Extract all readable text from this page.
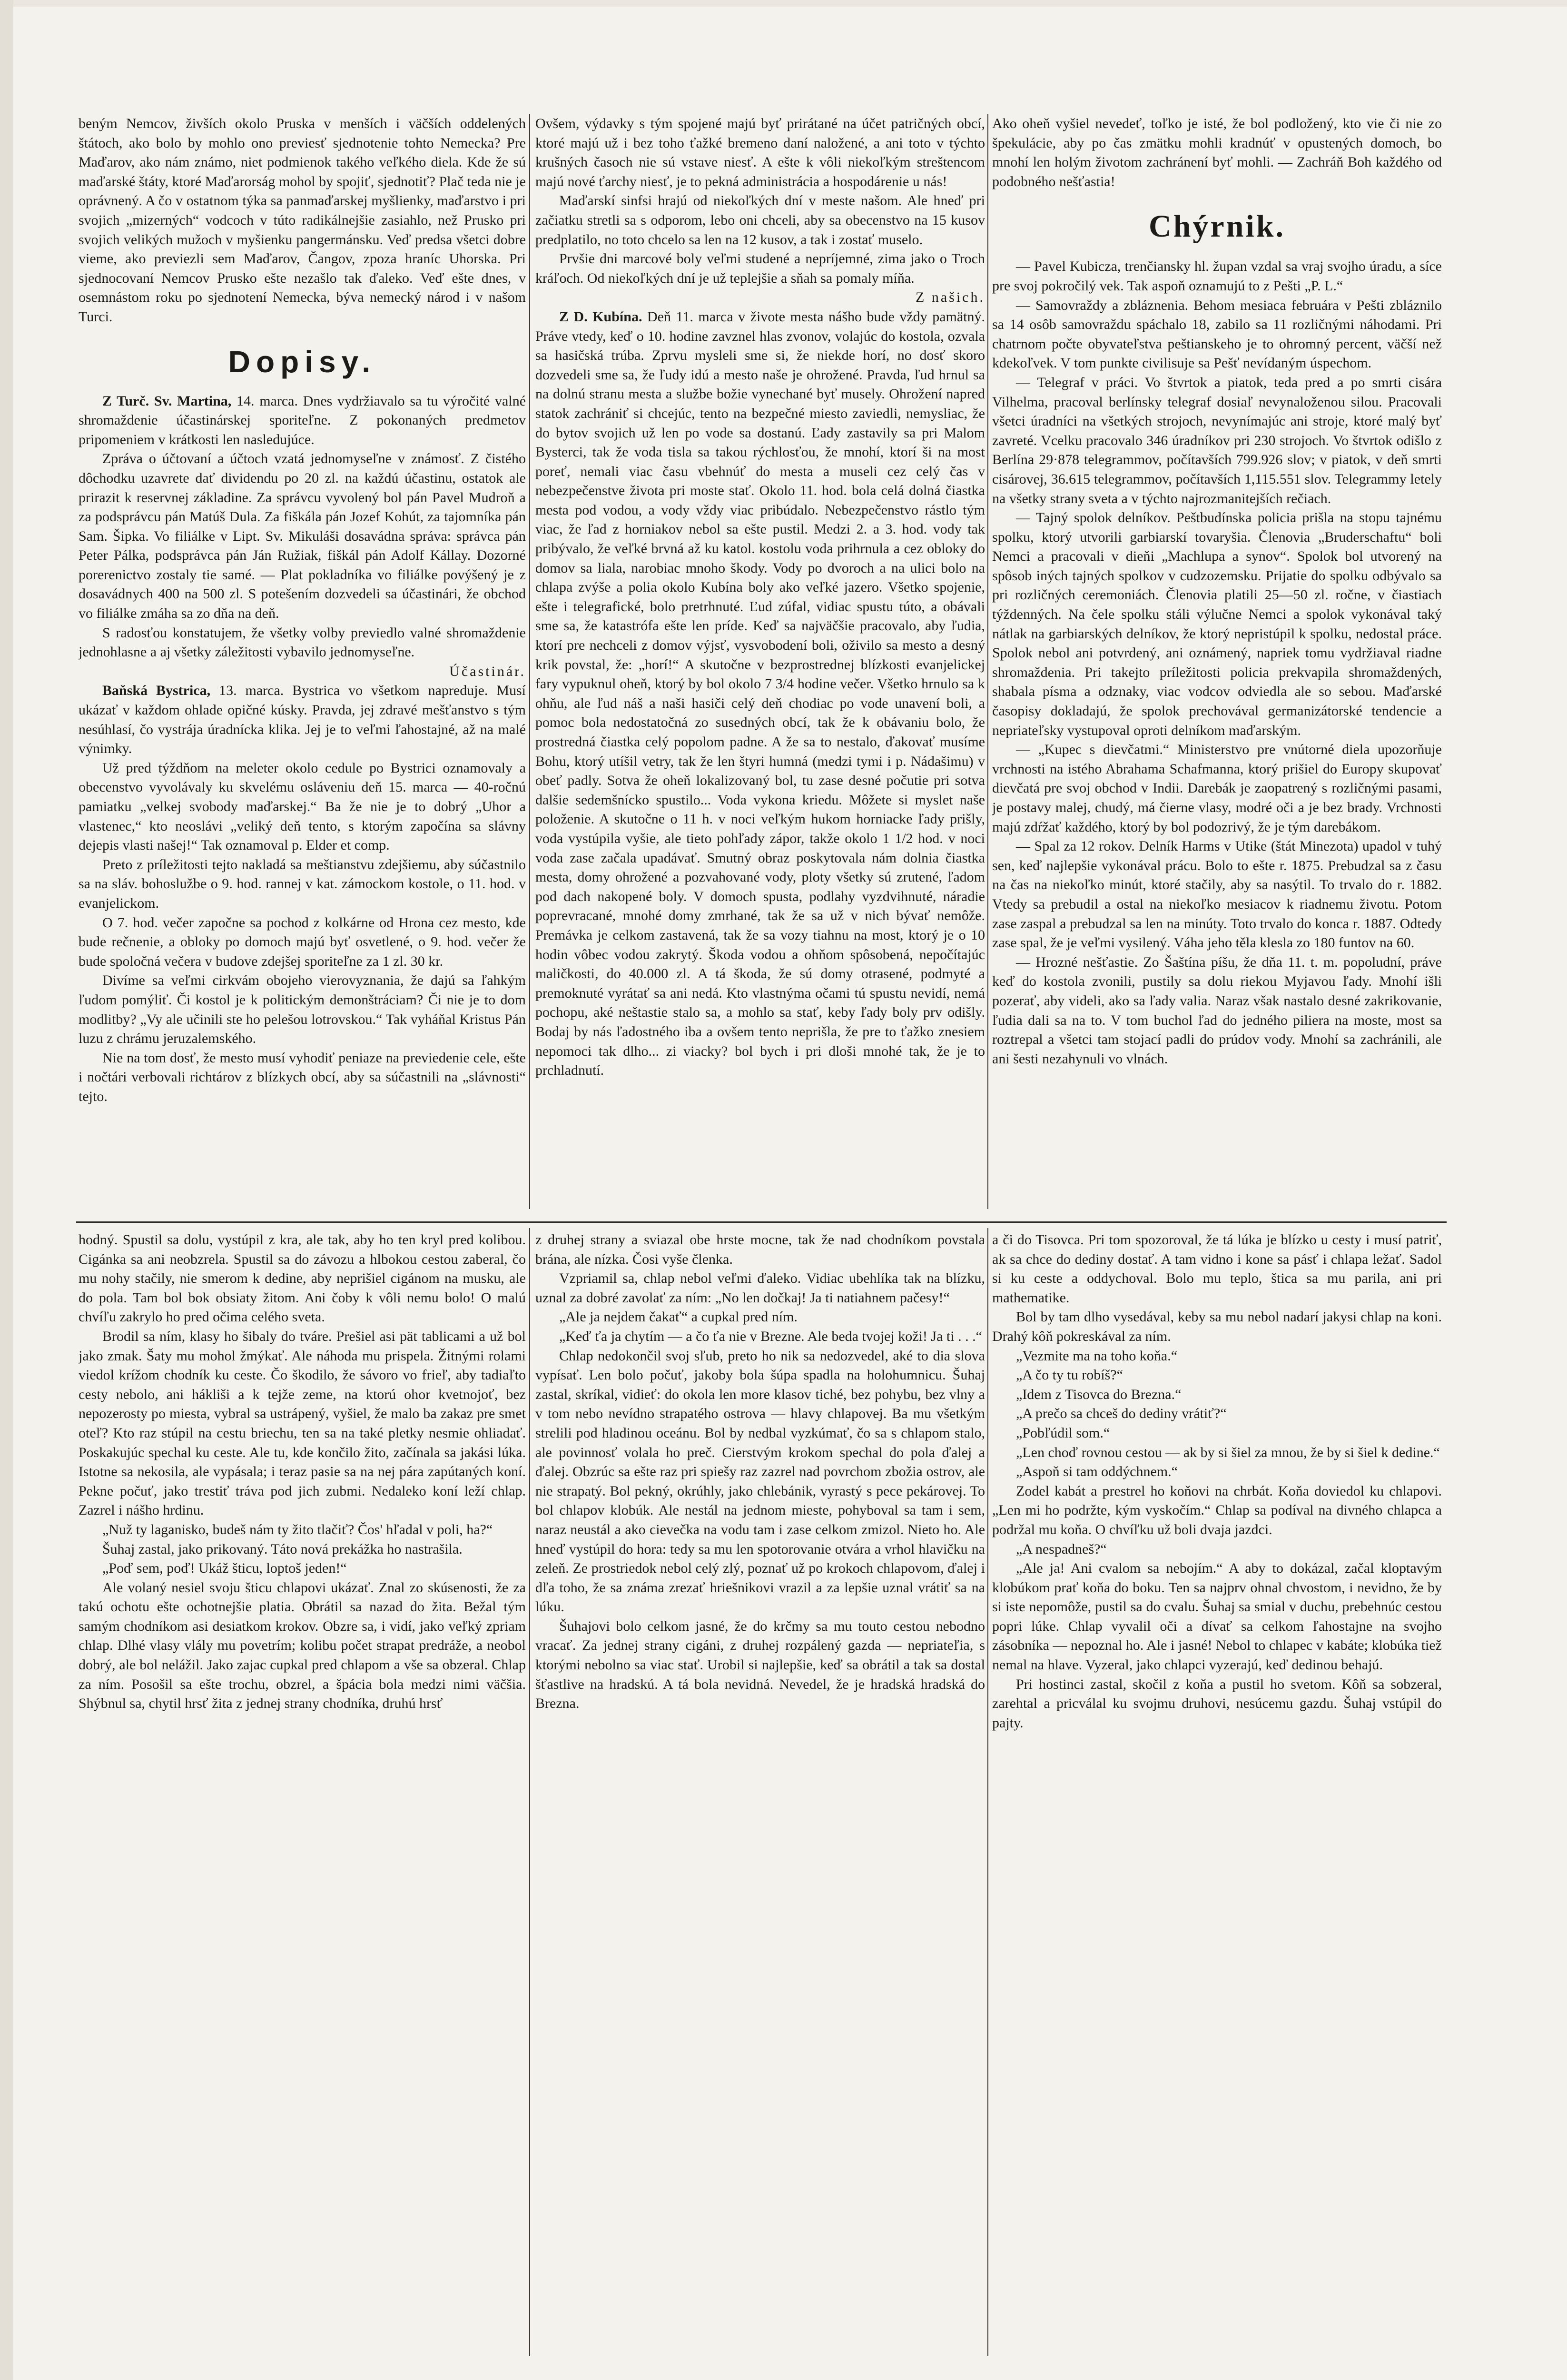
beným Nemcov, živších okolo Pruska v menších i väčších oddelených štátoch, ako bolo by mohlo ono previesť sjednotenie tohto Nemecka? Pre Maďarov, ako nám známo, niet podmienok takého veľkého diela. Kde že sú maďarské štáty, ktoré Maďarorság mohol by spojiť, sjednotiť? Plač teda nie je oprávnený. A čo v ostatnom týka sa panmaďarskej myšlienky, maďarstvo i pri svojich „mizerných“ vodcoch v túto radikálnejšie zasiahlo, než Prusko pri svojich velikých mužoch v myšienku pangermánsku. Veď predsa všetci dobre vieme, ako previezli sem Maďarov, Čangov, zpoza hraníc Uhorska. Pri sjednocovaní Nemcov Prusko ešte nezašlo tak ďaleko. Veď ešte dnes, v osemnástom roku po sjednotení Nemecka, býva nemecký národ i v našom Turci.

Dopisy.

Z Turč. Sv. Martina, 14. marca. Dnes vydržiavalo sa tu výročité valné shromaždenie účastinárskej sporiteľne. Z pokonaných predmetov pripomeniem v krátkosti len nasledujúce.

Zpráva o účtovaní a účtoch vzatá jednomyseľne v známosť. Z čistého dôchodku uzavrete dať dividendu po 20 zl. na každú účastinu, ostatok ale prirazit k reservnej základine. Za správcu vyvolený bol pán Pavel Mudroň a za podsprávcu pán Matúš Dula. Za fiškála pán Jozef Kohút, za tajomníka pán Sam. Šipka. Vo filiálke v Lipt. Sv. Mikuláši dosavádna správa: správca pán Peter Pálka, podsprávca pán Ján Ružiak, fiškál pán Adolf Kállay. Dozorné porerenictvo zostaly tie samé. — Plat pokladníka vo filiálke povýšený je z dosavádnych 400 na 500 zl. S potešením dozvedeli sa účastinári, že obchod vo filiálke zmáha sa zo dňa na deň.

S radosťou konstatujem, že všetky volby previedlo valné shromaždenie jednohlasne a aj všetky záležitosti vybavilo jednomyseľne.

Účastinár.

Baňská Bystrica, 13. marca. Bystrica vo všetkom napreduje. Musí ukázať v každom ohlade opičné kúsky. Pravda, jej zdravé mešťanstvo s tým nesúhlasí, čo vystrája úradnícka klika. Jej je to veľmi ľahostajné, až na malé výnimky.

Už pred týždňom na meleter okolo cedule po Bystrici oznamovaly a obecenstvo vyvolávaly ku skvelému osláveniu deň 15. marca — 40-ročnú pamiatku „velkej svobody maďarskej.“ Ba že nie je to dobrý „Uhor a vlastenec,“ kto neoslávi „veliký deň tento, s ktorým započína sa slávny dejepis vlasti našej!“ Tak oznamoval p. Elder et comp.

Preto z príležitosti tejto nakladá sa meštianstvu zdejšiemu, aby súčastnilo sa na sláv. bohoslužbe o 9. hod. rannej v kat. zámockom kostole, o 11. hod. v evanjelickom.

O 7. hod. večer započne sa pochod z kolkárne od Hrona cez mesto, kde bude rečnenie, a obloky po domoch majú byť osvetlené, o 9. hod. večer že bude spoločná večera v budove zdejšej sporiteľne za 1 zl. 30 kr.

Divíme sa veľmi cirkvám obojeho vierovyznania, že dajú sa ľahkým ľudom pomýliť. Či kostol je k politickým demonštráciam? Či nie je to dom modlitby? „Vy ale učinili ste ho pelešou lotrovskou.“ Tak vyháňal Kristus Pán luzu z chrámu jeruzalemského.

Nie na tom dosť, že mesto musí vyhodiť peniaze na previedenie cele, ešte i nočtári verbovali richtárov z blízkych obcí, aby sa súčastnili na „slávnosti“ tejto.

Ovšem, výdavky s tým spojené majú byť prirátané na účet patričných obcí, ktoré majú už i bez toho ťažké bremeno daní naložené, a ani toto v týchto krušných časoch nie sú vstave niesť. A ešte k vôli niekoľkým streštencom majú nové ťarchy niesť, je to pekná administrácia a hospodárenie u nás!

Maďarskí sinfsi hrajú od niekoľkých dní v meste našom. Ale hneď pri začiatku stretli sa s odporom, lebo oni chceli, aby sa obecenstvo na 15 kusov predplatilo, no toto chcelo sa len na 12 kusov, a tak i zostať muselo.

Prvšie dni marcové boly veľmi studené a nepríjemné, zima jako o Troch kráľoch. Od niekoľkých dní je už teplejšie a sňah sa pomaly míňa.

Z našich.

Z D. Kubína. Deň 11. marca v živote mesta nášho bude vždy pamätný. Práve vtedy, keď o 10. hodine zavznel hlas zvonov, volajúc do kostola, ozvala sa hasičská trúba. Zprvu mysleli sme si, že niekde horí, no dosť skoro dozvedeli sme sa, že ľudy idú a mesto naše je ohrožené. Pravda, ľud hrnul sa na dolnú stranu mesta a službe božie vynechané byť musely. Ohrožení napred statok zachrániť si chcejúc, tento na bezpečné miesto zaviedli, nemysliac, že do bytov svojich už len po vode sa dostanú. Ľady zastavily sa pri Malom Bysterci, tak že voda tisla sa takou rýchlosťou, že mnohí, ktorí ši na most poreť, nemali viac času vbehnúť do mesta a museli cez celý čas v nebezpečenstve života pri moste stať. Okolo 11. hod. bola celá dolná čiastka mesta pod vodou, a vody vždy viac pribúdalo. Nebezpečenstvo rástlo tým viac, že ľad z horniakov nebol sa ešte pustil. Medzi 2. a 3. hod. vody tak pribývalo, že veľké brvná až ku katol. kostolu voda prihrnula a cez obloky do domov sa liala, narobiac mnoho škody. Vody po dvoroch a na ulici bolo na chlapa zvýše a polia okolo Kubína boly ako veľké jazero. Všetko spojenie, ešte i telegrafické, bolo pretrhnuté. Ľud zúfal, vidiac spustu túto, a obávali sme sa, že katastrófa ešte len príde. Keď sa najväčšie pracovalo, aby ľudia, ktorí pre nechceli z domov výjsť, vysvobodení boli, oživilo sa mesto a desný krik povstal, že: „horí!“ A skutočne v bezprostrednej blízkosti evanjelickej fary vypuknul oheň, ktorý by bol okolo 7 3/4 hodine večer. Všetko hrnulo sa k ohňu, ale ľud náš a naši hasiči celý deň chodiac po vode unavení boli, a pomoc bola nedostatočná zo susedných obcí, tak že k obávaniu bolo, že prostredná čiastka celý popolom padne. A že sa to nestalo, ďakovať musíme Bohu, ktorý utíšil vetry, tak že len štyri humná (medzi tymi i p. Nádašimu) v obeť padly. Sotva že oheň lokalizovaný bol, tu zase desné počutie pri sotva dalšie sedemšnícko spustilo... Voda vykona kriedu. Môžete si myslet naše položenie. A skutočne o 11 h. v noci veľkým hukom horniacke ľady prišly, voda vystúpila vyšie, ale tieto pohľady zápor, takže okolo 1 1/2 hod. v noci voda zase začala upadávať. Smutný obraz poskytovala nám dolnia čiastka mesta, domy ohrožené a pozvahované vody, ploty všetky sú zrutené, ľadom pod dach nakopené boly. V domoch spusta, podlahy vyzdvihnuté, náradie poprevracané, mnohé domy zmrhané, tak že sa už v nich bývať nemôže. Premávka je celkom zastavená, tak že sa vozy tiahnu na most, ktorý je o 10 hodin vôbec vodou zakrytý. Škoda vodou a ohňom spôsobená, nepočítajúc maličkosti, do 40.000 zl. A tá škoda, že sú domy otrasené, podmyté a premoknuté vyrátať sa ani nedá. Kto vlastnýma očami tú spustu nevidí, nemá pochopu, aké neštastie stalo sa, a mohlo sa stať, keby ľady boly prv odišly. Bodaj by nás ľadostného iba a ovšem tento neprišla, že pre to ťažko znesiem nepomoci tak dlho... zi viacky? bol bych i pri dloši mnohé tak, že je to prchladnutí.

Ako oheň vyšiel nevedeť, toľko je isté, že bol podložený, kto vie či nie zo špekulácie, aby po čas zmätku mohli kradnúť v opustených domoch, bo mnohí len holým životom zachránení byť mohli. — Zachráň Boh každého od podobného nešťastia!

Chýrnik.

— Pavel Kubicza, trenčiansky hl. župan vzdal sa vraj svojho úradu, a síce pre svoj pokročilý vek. Tak aspoň oznamujú to z Pešti „P. L.“

— Samovraždy a zbláznenia. Behom mesiaca februára v Pešti zbláznilo sa 14 osôb samovraždu spáchalo 18, zabilo sa 11 rozličnými náhodami. Pri chatrnom počte obyvateľstva peštianskeho je to ohromný percent, väčší než kdekoľvek. V tom punkte civilisuje sa Pešť nevídaným úspechom.

— Telegraf v práci. Vo štvrtok a piatok, teda pred a po smrti cisára Vilhelma, pracoval berlínsky telegraf dosiaľ nevynaloženou silou. Pracovali všetci úradníci na všetkých strojoch, nevynímajúc ani stroje, ktoré malý byť zavreté. Vcelku pracovalo 346 úradníkov pri 230 strojoch. Vo štvrtok odišlo z Berlína 29·878 telegrammov, počítavších 799.926 slov; v piatok, v deň smrti cisárovej, 36.615 telegrammov, počítavších 1,115.551 slov. Telegrammy letely na všetky strany sveta a v týchto najrozmanitejších rečiach.

— Tajný spolok delníkov. Peštbudínska policia prišla na stopu tajnému spolku, ktorý utvorili garbiarskí tovaryšia. Členovia „Bruderschaftu“ boli Nemci a pracovali v dieňi „Machlupa a synov“. Spolok bol utvorený na spôsob iných tajných spolkov v cudzozemsku. Prijatie do spolku odbývalo sa pri rozličných ceremoniách. Členovia platili 25—50 zl. ročne, v čiastiach týždenných. Na čele spolku stáli výlučne Nemci a spolok vykonával taký nátlak na garbiarských delníkov, že ktorý nepristúpil k spolku, nedostal práce. Spolok nebol ani potvrdený, ani oznámený, napriek tomu vydržiaval riadne shromaždenia. Pri takejto príležitosti policia prekvapila shromaždených, shabala písma a odznaky, viac vodcov odviedla ale so sebou. Maďarské časopisy dokladajú, že spolok prechovával germanizátorské tendencie a nepriateľsky vystupoval oproti delníkom maďarským.

— „Kupec s dievčatmi.“ Ministerstvo pre vnútorné diela upozorňuje vrchnosti na istého Abrahama Schafmanna, ktorý prišiel do Europy skupovať dievčatá pre svoj obchod v Indii. Darebák je zaopatrený s rozličnými pasami, je postavy malej, chudý, má čierne vlasy, modré oči a je bez brady. Vrchnosti majú zdŕžať každého, ktorý by bol podozrivý, že je tým darebákom.

— Spal za 12 rokov. Delník Harms v Utike (štát Minezota) upadol v tuhý sen, keď najlepšie vykonával prácu. Bolo to ešte r. 1875. Prebudzal sa z času na čas na niekoľko minút, ktoré stačily, aby sa nasýtil. To trvalo do r. 1882. Vtedy sa prebudil a ostal na niekoľko mesiacov k riadnemu životu. Potom zase zaspal a prebudzal sa len na minúty. Toto trvalo do konca r. 1887. Odtedy zase spal, že je veľmi vysilený. Váha jeho těla klesla zo 180 funtov na 60.

— Hrozné nešťastie. Zo Šaštína píšu, že dňa 11. t. m. popoludní, práve keď do kostola zvonili, pustily sa dolu riekou Myjavou ľady. Mnohí išli pozerať, aby videli, ako sa ľady valia. Naraz však nastalo desné zakrikovanie, ľudia dali sa na to. V tom buchol ľad do jedného piliera na moste, most sa roztrepal a všetci tam stojací padli do prúdov vody. Mnohí sa zachránili, ale ani šesti nezahynuli vo vlnách.

hodný. Spustil sa dolu, vystúpil z kra, ale tak, aby ho ten kryl pred kolibou. Cigánka sa ani neobzrela. Spustil sa do závozu a hlbokou cestou zaberal, čo mu nohy stačily, nie smerom k dedine, aby neprišiel cigánom na musku, ale do pola. Tam bol bok obsiaty žitom. Ani čoby k vôli nemu bolo! O malú chvíľu zakrylo ho pred očima celého sveta.

Brodil sa ním, klasy ho šibaly do tváre. Prešiel asi pät tablicami a už bol jako zmak. Šaty mu mohol žmýkať. Ale náhoda mu prispela. Žitnými rolami viedol krížom chodník ku ceste. Čo škodilo, že sávoro vo frieľ, aby tadiaľto cesty nebolo, ani hákliši a k tejže zeme, na ktorú ohor kvetnojoť, bez nepozerosty po miesta, vybral sa ustrápený, vyšiel, že malo ba zakaz pre smet oteľ? Kto raz stúpil na cestu briechu, ten sa na také pletky nesmie ohliadať. Poskakujúc spechal ku ceste. Ale tu, kde končilo žito, začínala sa jakási lúka. Istotne sa nekosila, ale vypásala; i teraz pasie sa na nej pára zapútaných koní. Pekne počuť, jako trestiť tráva pod jich zubmi. Nedaleko koní leží chlap. Zazrel i nášho hrdinu.

„Nuž ty laganisko, budeš nám ty žito tlačiť? Čos' hľadal v poli, ha?“

Šuhaj zastal, jako prikovaný. Táto nová prekážka ho nastrašila.

„Poď sem, poď! Ukáž šticu, loptoš jeden!“

Ale volaný nesiel svoju šticu chlapovi ukázať. Znal zo skúsenosti, že za takú ochotu ešte ochotnejšie platia. Obrátil sa nazad do žita. Bežal tým samým chodníkom asi desiatkom krokov. Obzre sa, i vidí, jako veľký zpriam chlap. Dlhé vlasy vlály mu povetrím; kolibu počet strapat predráže, a neobol dobrý, ale bol nelážil. Jako zajac cupkal pred chlapom a vše sa obzeral. Chlap za ním. Posošil sa ešte trochu, obzrel, a špácia bola medzi nimi väčšia. Shýbnul sa, chytil hrsť žita z jednej strany chodníka, druhú hrsť

z druhej strany a sviazal obe hrste mocne, tak že nad chodníkom povstala brána, ale nízka. Čosi vyše členka.

Vzpriamil sa, chlap nebol veľmi ďaleko. Vidiac ubehlíka tak na blízku, uznal za dobré zavolať za ním: „No len dočkaj! Ja ti natiahnem pačesy!“

„Ale ja nejdem čakať“ a cupkal pred ním.

„Keď ťa ja chytím — a čo ťa nie v Brezne. Ale beda tvojej koži! Ja ti . . .“

Chlap nedokončil svoj sľub, preto ho nik sa nedozvedel, aké to dia slova vypísať. Len bolo počuť, jakoby bola šúpa spadla na holohumnicu. Šuhaj zastal, skríkal, vidieť: do okola len more klasov tiché, bez pohybu, bez vlny a v tom nebo nevídno strapatého ostrova — hlavy chlapovej. Ba mu všetkým strelili pod hladinou oceánu. Bol by nedbal vyzkúmať, čo sa s chlapom stalo, ale povinnosť volala ho preč. Cierstvým krokom spechal do pola ďalej a ďalej. Obzrúc sa ešte raz pri spiešy raz zazrel nad povrchom zbožia ostrov, ale nie strapatý. Bol pekný, okrúhly, jako chlebánik, vyrastý s pece pekárovej. To bol chlapov klobúk. Ale nestál na jednom mieste, pohyboval sa tam i sem, naraz neustál a ako cievečka na vodu tam i zase celkom zmizol. Nieto ho. Ale hneď vystúpil do hora: tedy sa mu len spotorovanie otvára a vrhol hlavičku na zeleň. Ze prostriedok nebol celý zlý, poznať už po krokoch chlapovom, ďalej i dľa toho, že sa známa zrezať hriešnikovi vrazil a za lepšie uznal vrátiť sa na lúku.

Šuhajovi bolo celkom jasné, že do krčmy sa mu touto cestou nebodno vracať. Za jednej strany cigáni, z druhej rozpálený gazda — nepriateľia, s ktorými nebolno sa viac stať. Urobil si najlepšie, keď sa obrátil a tak sa dostal šťastlive na hradskú. A tá bola nevidná. Nevedel, že je hradská hradská do Brezna.

a či do Tisovca. Pri tom spozoroval, že tá lúka je blízko u cesty i musí patriť, ak sa chce do dediny dostať. A tam vidno i kone sa pásť i chlapa ležať. Sadol si ku ceste a oddychoval. Bolo mu teplo, štica sa mu parila, ani pri mathematike.

Bol by tam dlho vysedával, keby sa mu nebol nadarí jakysi chlap na koni. Drahý kôň pokreskával za ním.

„Vezmite ma na toho koňa.“

„A čo ty tu robíš?“

„Idem z Tisovca do Brezna.“

„A prečo sa chceš do dediny vrátiť?“

„Pobľúdil som.“

„Len choď rovnou cestou — ak by si šiel za mnou, že by si šiel k dedine.“

„Aspoň si tam oddýchnem.“

Zodel kabát a prestrel ho koňovi na chrbát. Koňa doviedol ku chlapovi. „Len mi ho podržte, kým vyskočím.“ Chlap sa podíval na divného chlapca a podržal mu koňa. O chvíľku už boli dvaja jazdci.

„A nespadneš?“

„Ale ja! Ani cvalom sa nebojím.“ A aby to dokázal, začal kloptavým klobúkom prať koňa do boku. Ten sa najprv ohnal chvostom, i nevidno, že by si iste nepomôže, pustil sa do cvalu. Šuhaj sa smial v duchu, prebehnúc cestou popri lúke. Chlap vyvalil oči a dívať sa celkom ľahostajne na svojho zásobníka — nepoznal ho. Ale i jasné! Nebol to chlapec v kabáte; klobúka tiež nemal na hlave. Vyzeral, jako chlapci vyzerajú, keď dedinou behajú.

Pri hostinci zastal, skočil z koňa a pustil ho svetom. Kôň sa sobzeral, zarehtal a pricválal ku svojmu druhovi, nesúcemu gazdu. Šuhaj vstúpil do pajty.
